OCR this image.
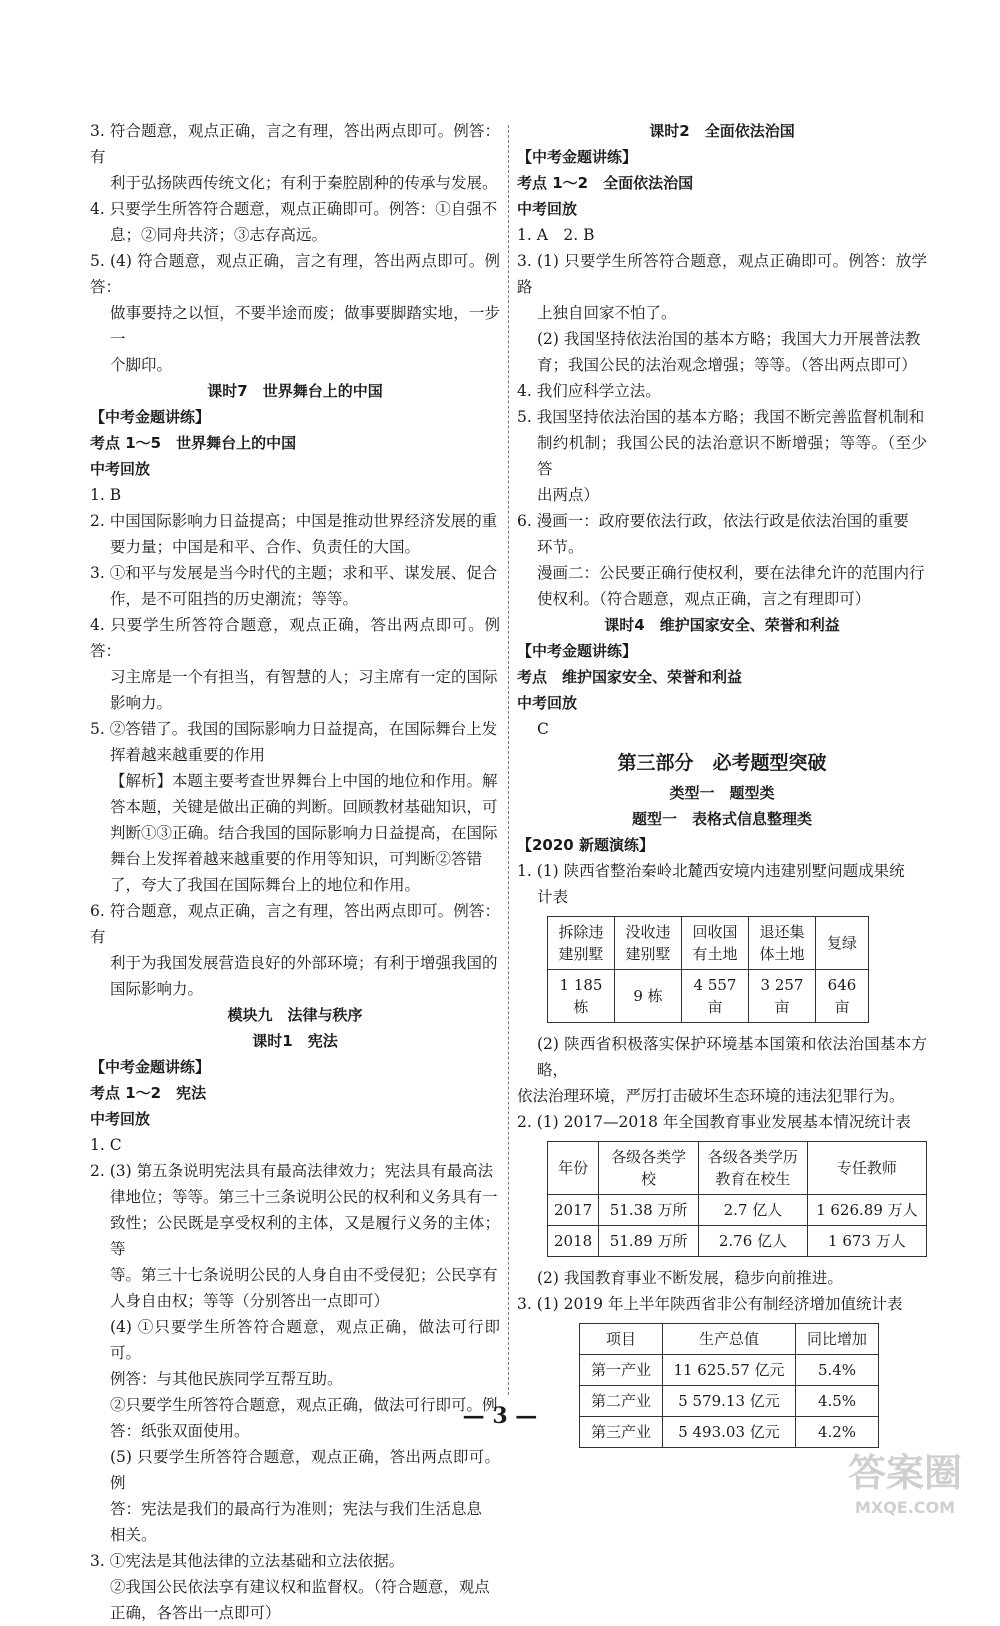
3. 符合题意，观点正确，言之有理，答出两点即可。例答：有

利于弘扬陕西传统文化；有利于秦腔剧种的传承与发展。

4. 只要学生所答符合题意，观点正确即可。例答：①自强不

息；②同舟共济；③志存高远。

5. (4) 符合题意，观点正确，言之有理，答出两点即可。例答：

做事要持之以恒，不要半途而废；做事要脚踏实地，一步一

个脚印。

课时7　世界舞台上的中国

【中考金题讲练】

考点 1～5　世界舞台上的中国

中考回放

1. B

2. 中国国际影响力日益提高；中国是推动世界经济发展的重

要力量；中国是和平、合作、负责任的大国。

3. ①和平与发展是当今时代的主题；求和平、谋发展、促合

作，是不可阻挡的历史潮流；等等。

4. 只要学生所答符合题意，观点正确，答出两点即可。例答：

习主席是一个有担当，有智慧的人；习主席有一定的国际

影响力。

5. ②答错了。我国的国际影响力日益提高，在国际舞台上发

挥着越来越重要的作用

【解析】本题主要考查世界舞台上中国的地位和作用。解

答本题，关键是做出正确的判断。回顾教材基础知识，可

判断①③正确。结合我国的国际影响力日益提高，在国际

舞台上发挥着越来越重要的作用等知识，可判断②答错

了，夸大了我国在国际舞台上的地位和作用。

6. 符合题意，观点正确，言之有理，答出两点即可。例答：有

利于为我国发展营造良好的外部环境；有利于增强我国的

国际影响力。

模块九　法律与秩序

课时1　宪法

【中考金题讲练】

考点 1～2　宪法

中考回放

1. C

2. (3) 第五条说明宪法具有最高法律效力；宪法具有最高法

律地位；等等。第三十三条说明公民的权利和义务具有一

致性；公民既是享受权利的主体，又是履行义务的主体；等

等。第三十七条说明公民的人身自由不受侵犯；公民享有

人身自由权；等等（分别答出一点即可）

(4) ①只要学生所答符合题意，观点正确，做法可行即可。

例答：与其他民族同学互帮互助。

②只要学生所答符合题意，观点正确，做法可行即可。例

答：纸张双面使用。

(5) 只要学生所答符合题意，观点正确，答出两点即可。例

答：宪法是我们的最高行为准则；宪法与我们生活息息

相关。

3. ①宪法是其他法律的立法基础和立法依据。

②我国公民依法享有建议权和监督权。（符合题意，观点

正确，各答出一点即可）

课时2　全面依法治国

【中考金题讲练】

考点 1～2　全面依法治国

中考回放

1. A　2. B

3. (1) 只要学生所答符合题意，观点正确即可。例答：放学路

上独自回家不怕了。

(2) 我国坚持依法治国的基本方略；我国大力开展普法教

育；我国公民的法治观念增强；等等。（答出两点即可）

4. 我们应科学立法。

5. 我国坚持依法治国的基本方略；我国不断完善监督机制和

制约机制；我国公民的法治意识不断增强；等等。（至少答

出两点）

6. 漫画一：政府要依法行政，依法行政是依法治国的重要

环节。

漫画二：公民要正确行使权利，要在法律允许的范围内行

使权利。（符合题意，观点正确，言之有理即可）

课时4　维护国家安全、荣誉和利益

【中考金题讲练】

考点　维护国家安全、荣誉和利益

中考回放

C

第三部分　必考题型突破

类型一　题型类

题型一　表格式信息整理类

【2020 新题演练】

1. (1) 陕西省整治秦岭北麓西安境内违建别墅问题成果统

计表

拆除违建别墅	没收违建别墅	回收国有土地	退还集体土地	复绿
1 185 栋	9 栋	4 557 亩	3 257 亩	646 亩

(2) 陕西省积极落实保护环境基本国策和依法治国基本方略，

依法治理环境，严厉打击破坏生态环境的违法犯罪行为。

2. (1) 2017—2018 年全国教育事业发展基本情况统计表

年份	各级各类学校	各级各类学历教育在校生	专任教师
2017	51.38 万所	2.7 亿人	1 626.89 万人
2018	51.89 万所	2.76 亿人	1 673 万人

(2) 我国教育事业不断发展，稳步向前推进。

3. (1) 2019 年上半年陕西省非公有制经济增加值统计表

项目	生产总值	同比增加
第一产业	11 625.57 亿元	5.4%
第二产业	5 579.13 亿元	4.5%
第三产业	5 493.03 亿元	4.2%
— 3 —
答案圈
MXQE.COM
